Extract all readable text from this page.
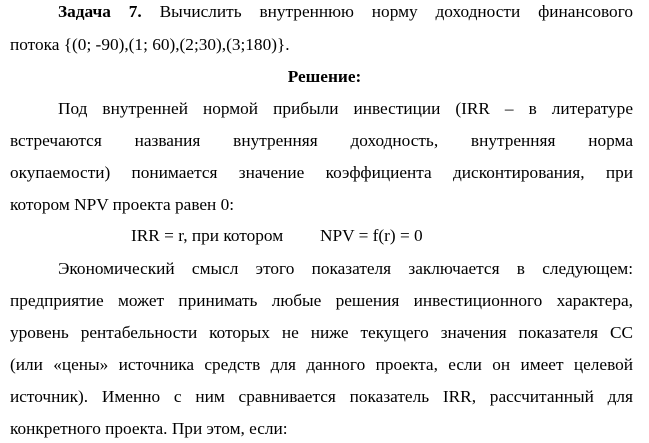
Задача 7. Вычислить внутреннюю норму доходности финансового
потока {(0; -90),(1; 60),(2;30),(3;180)}.
Решение:
Под внутренней нормой прибыли инвестиции (IRR – в литературе
встречаются названия внутренняя доходность, внутренняя норма
окупаемости) понимается значение коэффициента дисконтирования, при
котором NPV проекта равен 0:
IRR = r, при котором NPV = f(r) = 0
Экономический смысл этого показателя заключается в следующем:
предприятие может принимать любые решения инвестиционного характера,
уровень рентабельности которых не ниже текущего значения показателя СС
(или «цены» источника средств для данного проекта, если он имеет целевой
источник). Именно с ним сравнивается показатель IRR, рассчитанный для
конкретного проекта. При этом, если:
